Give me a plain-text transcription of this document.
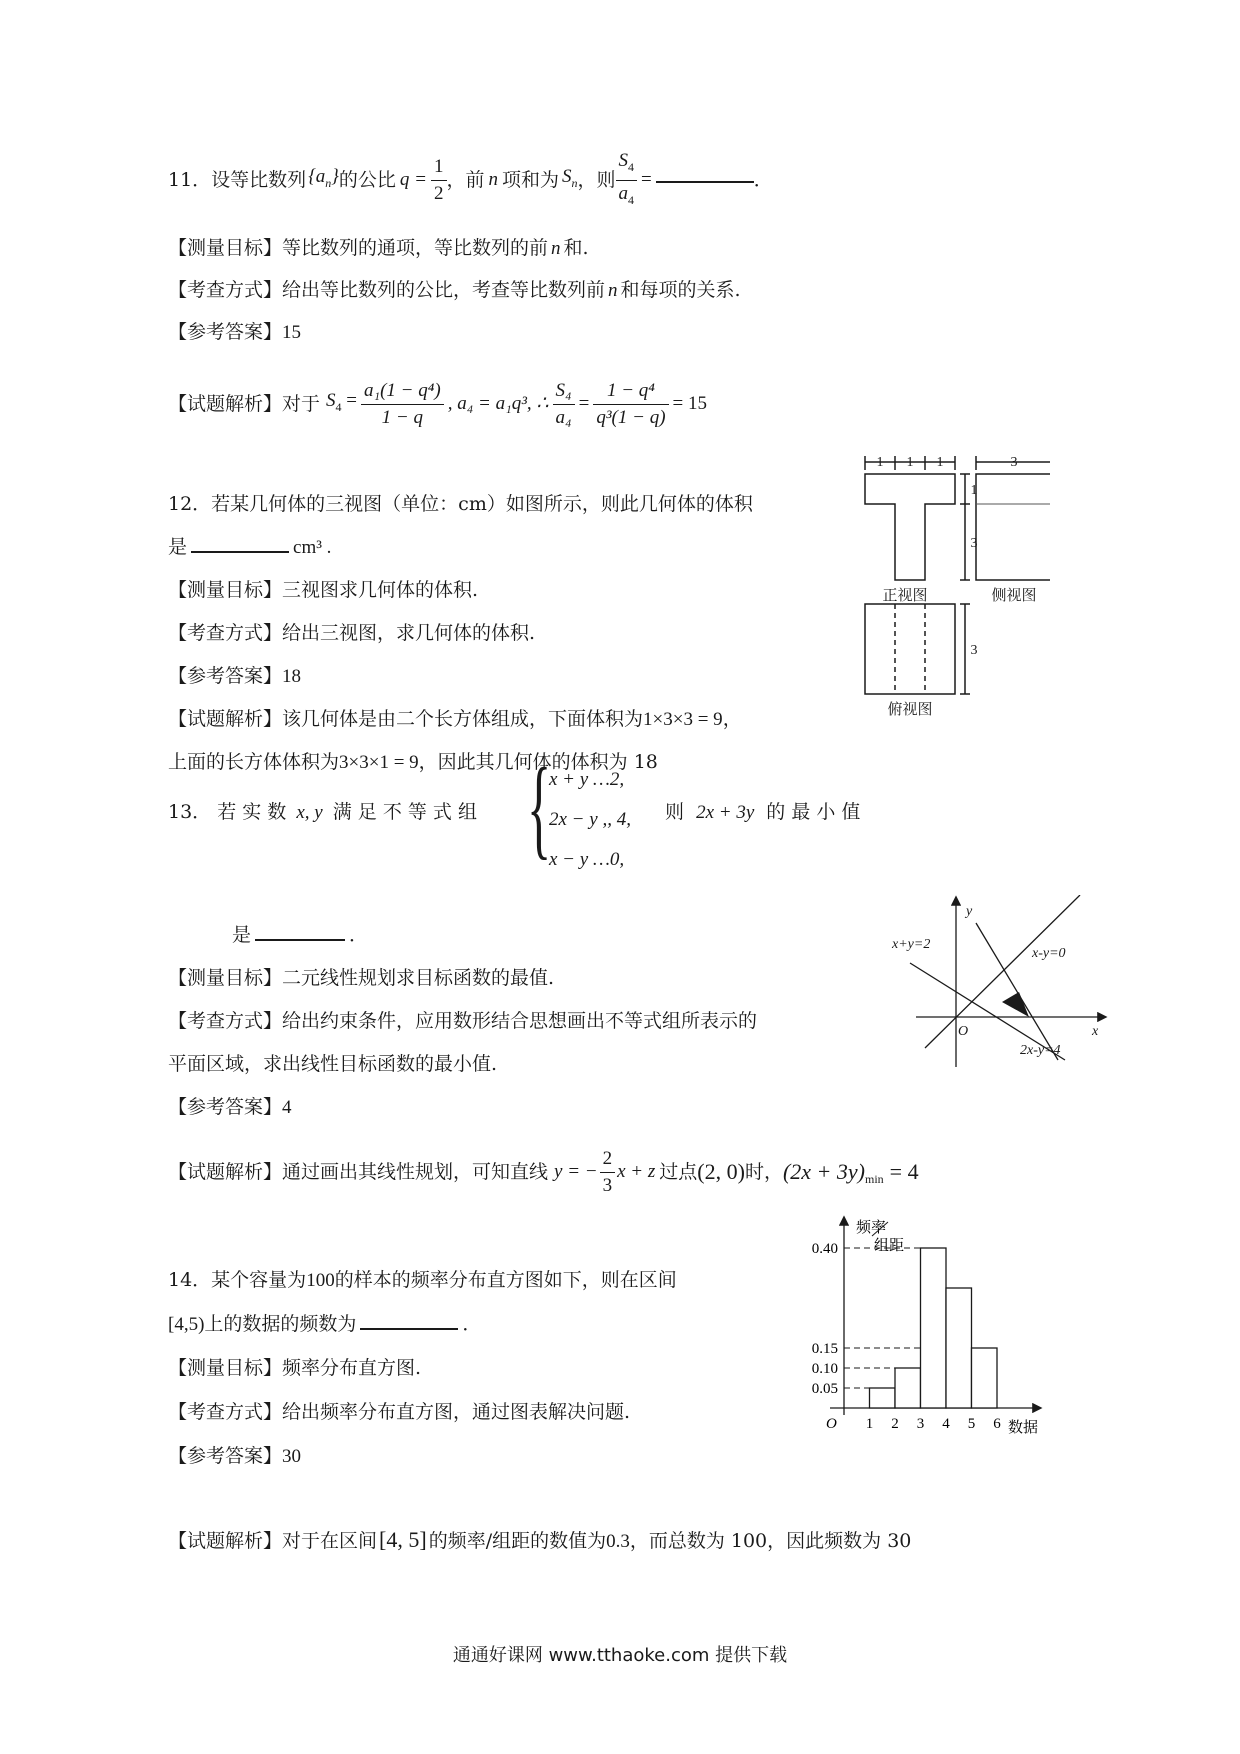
11．设等比数列 $\{a_n\}$ 的公比 $q = \frac{1}{2}$ ，前 n 项和为 $S_n$ ，则 $\frac{S_4}{a_4}$ =	．
【测量目标】等比数列的通项，等比数列的前 n 和.
【考查方式】给出等比数列的公比，考查等比数列前 n 和每项的关系.
【参考答案】15
【试题解析】 对于 $S_4 = \frac{\text{a₁(1 − q⁴)}}{1 - q}$ , a₄ = a₁q³, ∴ $\frac{\text{S₄}}{\text{a₄}} = \frac{\text{1 − q⁴}}{\text{q³(1 − q)}} = 15$
12．若某几何体的三视图（单位：cm）如图所示，则此几何体的体积
是	cm³ .
【测量目标】三视图求几何体的体积.
【考查方式】给出三视图，求几何体的体积.
【参考答案】18
【试题解析】该几何体是由二个长方体组成，下面体积为1×3×3 = 9，
上面的长方体体积为3×3×1 = 9，因此其几何体的体积为 18
1 1 1	3
1
3
3
正视图	侧视图
俯视图
13． 若 实 数 x, y 满 足 不 等 式 组 {
x + y …2,
2x − y ,, 4,
x − y …0,
则 2x + 3y 的 最 小 值
是	．
【测量目标】二元线性规划求目标函数的最值.
【考查方式】给出约束条件，应用数形结合思想画出不等式组所表示的
平面区域，求出线性目标函数的最小值.
【参考答案】4
【试题解析】 通过画出其线性规划，可知直线 y = − $\frac{2}{3}$ x + z 过点 (2, 0) 时， $(2x + 3y)_{min} = 4$
x+y=2
x-y=0
2x-y=4
x
y
O
14．某个容量为100的样本的频率分布直方图如下，则在区间
[4,5)上的数据的频数为	．
【测量目标】频率分布直方图.
【考查方式】给出频率分布直方图，通过图表解决问题.
【参考答案】30
【试题解析】对于在区间[4, 5] 的频率/组距的数值为0.3，而总数为 100，因此频数为 30
0.40
0.15
0.10
0.05
1 2 3 4 5 6
频率
组距
数据
O
通通好课网 www.tthaoke.com 提供下载
